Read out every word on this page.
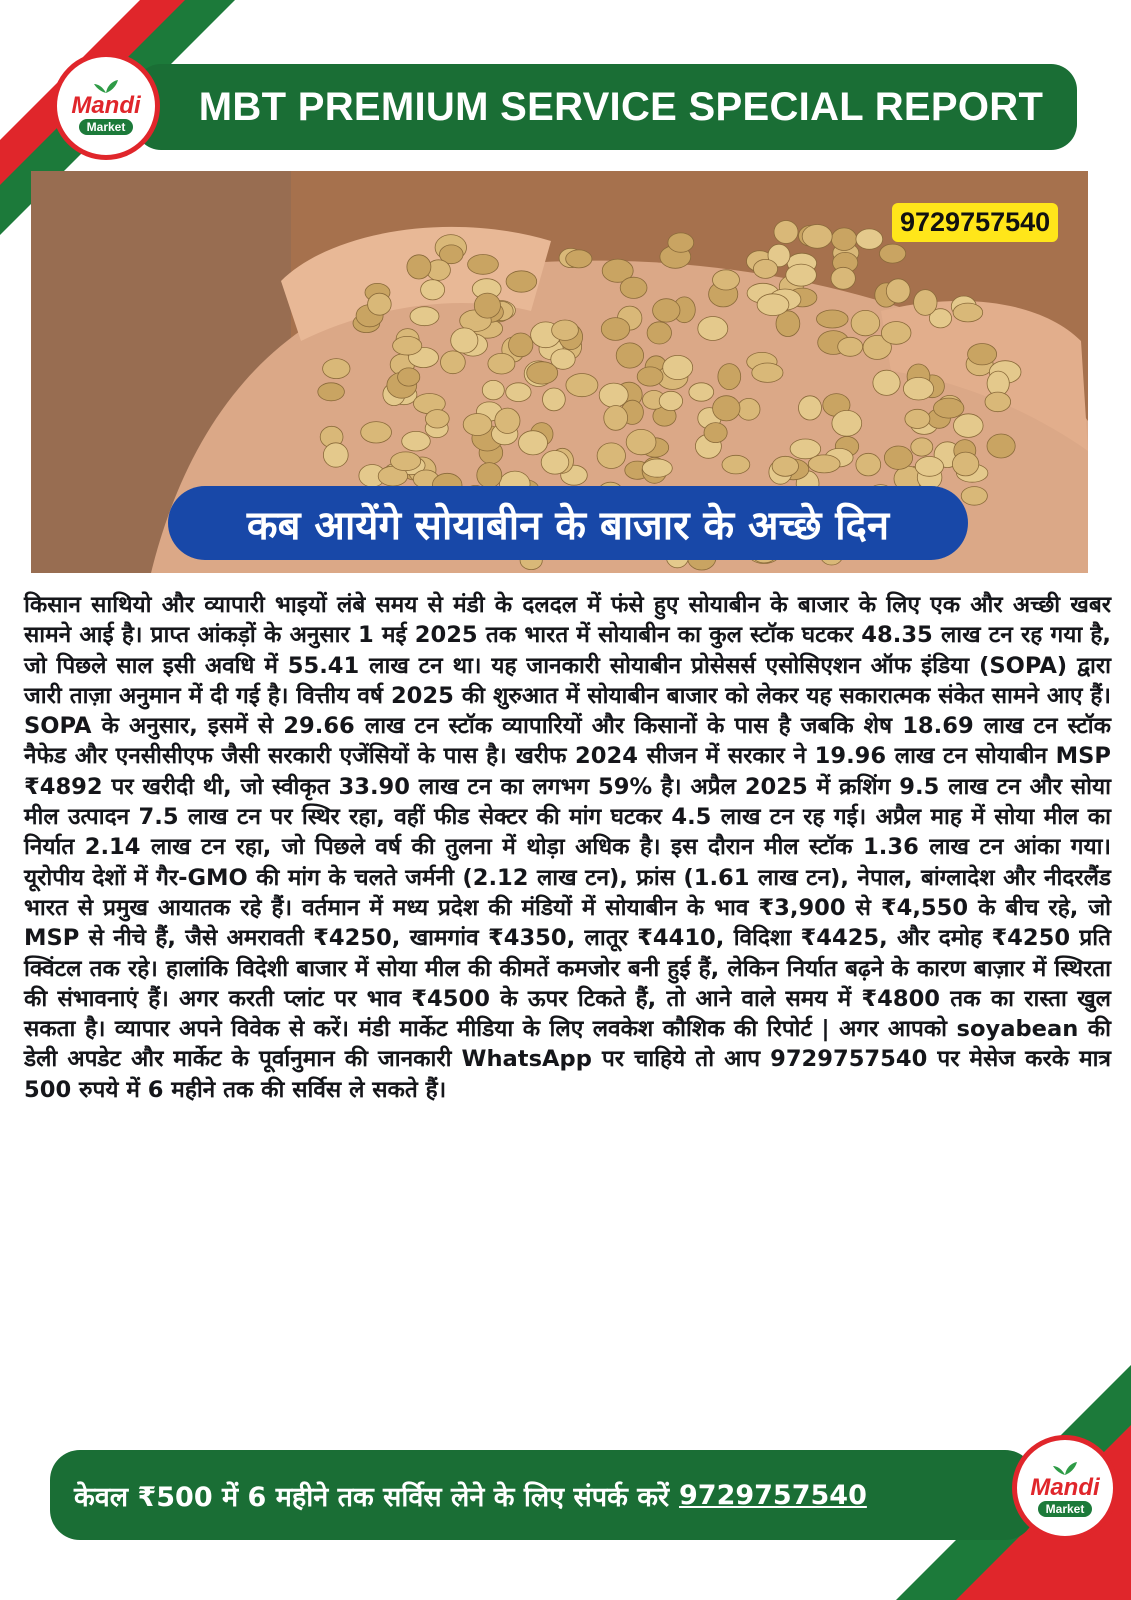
MBT PREMIUM SERVICE SPECIAL REPORT
Mandi
Market
9729757540
कब आयेंगे सोयाबीन के बाजार के अच्छे दिन
किसान साथियो और व्यापारी भाइयों लंबे समय से मंडी के दलदल में फंसे हुए सोयाबीन के बाजार के लिए एक और अच्छी खबर सामने आई है। प्राप्त आंकड़ों के अनुसार 1 मई 2025 तक भारत में सोयाबीन का कुल स्टॉक घटकर 48.35 लाख टन रह गया है, जो पिछले साल इसी अवधि में 55.41 लाख टन था। यह जानकारी सोयाबीन प्रोसेसर्स एसोसिएशन ऑफ इंडिया (SOPA) द्वारा जारी ताज़ा अनुमान में दी गई है। वित्तीय वर्ष 2025 की शुरुआत में सोयाबीन बाजार को लेकर यह सकारात्मक संकेत सामने आए हैं। SOPA के अनुसार, इसमें से 29.66 लाख टन स्टॉक व्यापारियों और किसानों के पास है जबकि शेष 18.69 लाख टन स्टॉक नैफेड और एनसीसीएफ जैसी सरकारी एजेंसियों के पास है। खरीफ 2024 सीजन में सरकार ने 19.96 लाख टन सोयाबीन MSP ₹4892 पर खरीदी थी, जो स्वीकृत 33.90 लाख टन का लगभग 59% है। अप्रैल 2025 में क्रशिंग 9.5 लाख टन और सोया मील उत्पादन 7.5 लाख टन पर स्थिर रहा, वहीं फीड सेक्टर की मांग घटकर 4.5 लाख टन रह गई। अप्रैल माह में सोया मील का निर्यात 2.14 लाख टन रहा, जो पिछले वर्ष की तुलना में थोड़ा अधिक है। इस दौरान मील स्टॉक 1.36 लाख टन आंका गया। यूरोपीय देशों में गैर-GMO की मांग के चलते जर्मनी (2.12 लाख टन), फ्रांस (1.61 लाख टन), नेपाल, बांग्लादेश और नीदरलैंड भारत से प्रमुख आयातक रहे हैं। वर्तमान में मध्य प्रदेश की मंडियों में सोयाबीन के भाव ₹3,900 से ₹4,550 के बीच रहे, जो MSP से नीचे हैं, जैसे अमरावती ₹4250, खामगांव ₹4350, लातूर ₹4410, विदिशा ₹4425, और दमोह ₹4250 प्रति क्विंटल तक रहे। हालांकि विदेशी बाजार में सोया मील की कीमतें कमजोर बनी हुई हैं, लेकिन निर्यात बढ़ने के कारण बाज़ार में स्थिरता की संभावनाएं हैं। अगर करती प्लांट पर भाव ₹4500 के ऊपर टिकते हैं, तो आने वाले समय में ₹4800 तक का रास्ता खुल सकता है। व्यापार अपने विवेक से करें। मंडी मार्केट मीडिया के लिए लवकेश कौशिक की रिपोर्ट | अगर आपको soyabean की डेली अपडेट और मार्केट के पूर्वानुमान की जानकारी WhatsApp पर चाहिये तो आप 9729757540 पर मेसेज करके मात्र 500 रुपये में 6 महीने तक की सर्विस ले सकते हैं।
केवल ₹500 में 6 महीने तक सर्विस लेने के लिए संपर्क करें 9729757540	Mandi
Market
